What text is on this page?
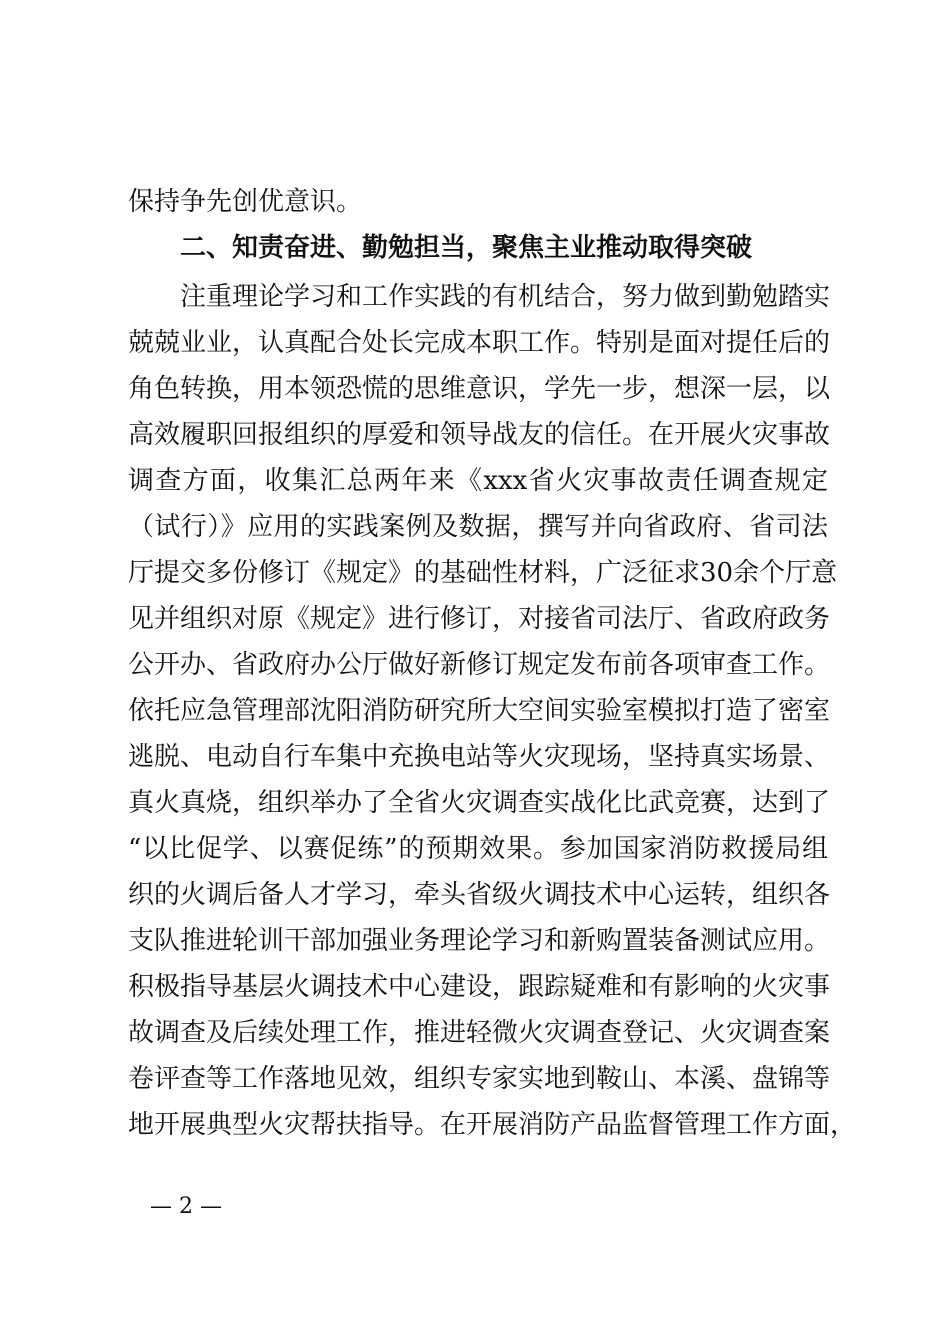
保持争先创优意识。
二、知责奋进、勤勉担当，聚焦主业推动取得突破
注重理论学习和工作实践的有机结合，努力做到勤勉踏实
兢兢业业，认真配合处长完成本职工作。特别是面对提任后的
角色转换，用本领恐慌的思维意识，学先一步，想深一层，以
高效履职回报组织的厚爱和领导战友的信任。在开展火灾事故
调查方面，收集汇总两年来《xxx省火灾事故责任调查规定
（试行）》应用的实践案例及数据，撰写并向省政府、省司法
厅提交多份修订《规定》的基础性材料，广泛征求30余个厅意
见并组织对原《规定》进行修订，对接省司法厅、省政府政务
公开办、省政府办公厅做好新修订规定发布前各项审查工作。
依托应急管理部沈阳消防研究所大空间实验室模拟打造了密室
逃脱、电动自行车集中充换电站等火灾现场，坚持真实场景、
真火真烧，组织举办了全省火灾调查实战化比武竞赛，达到了
“以比促学、以赛促练”的预期效果。参加国家消防救援局组
织的火调后备人才学习，牵头省级火调技术中心运转，组织各
支队推进轮训干部加强业务理论学习和新购置装备测试应用。
积极指导基层火调技术中心建设，跟踪疑难和有影响的火灾事
故调查及后续处理工作，推进轻微火灾调查登记、火灾调查案
卷评查等工作落地见效，组织专家实地到鞍山、本溪、盘锦等
地开展典型火灾帮扶指导。在开展消防产品监督管理工作方面，
— 2 —
